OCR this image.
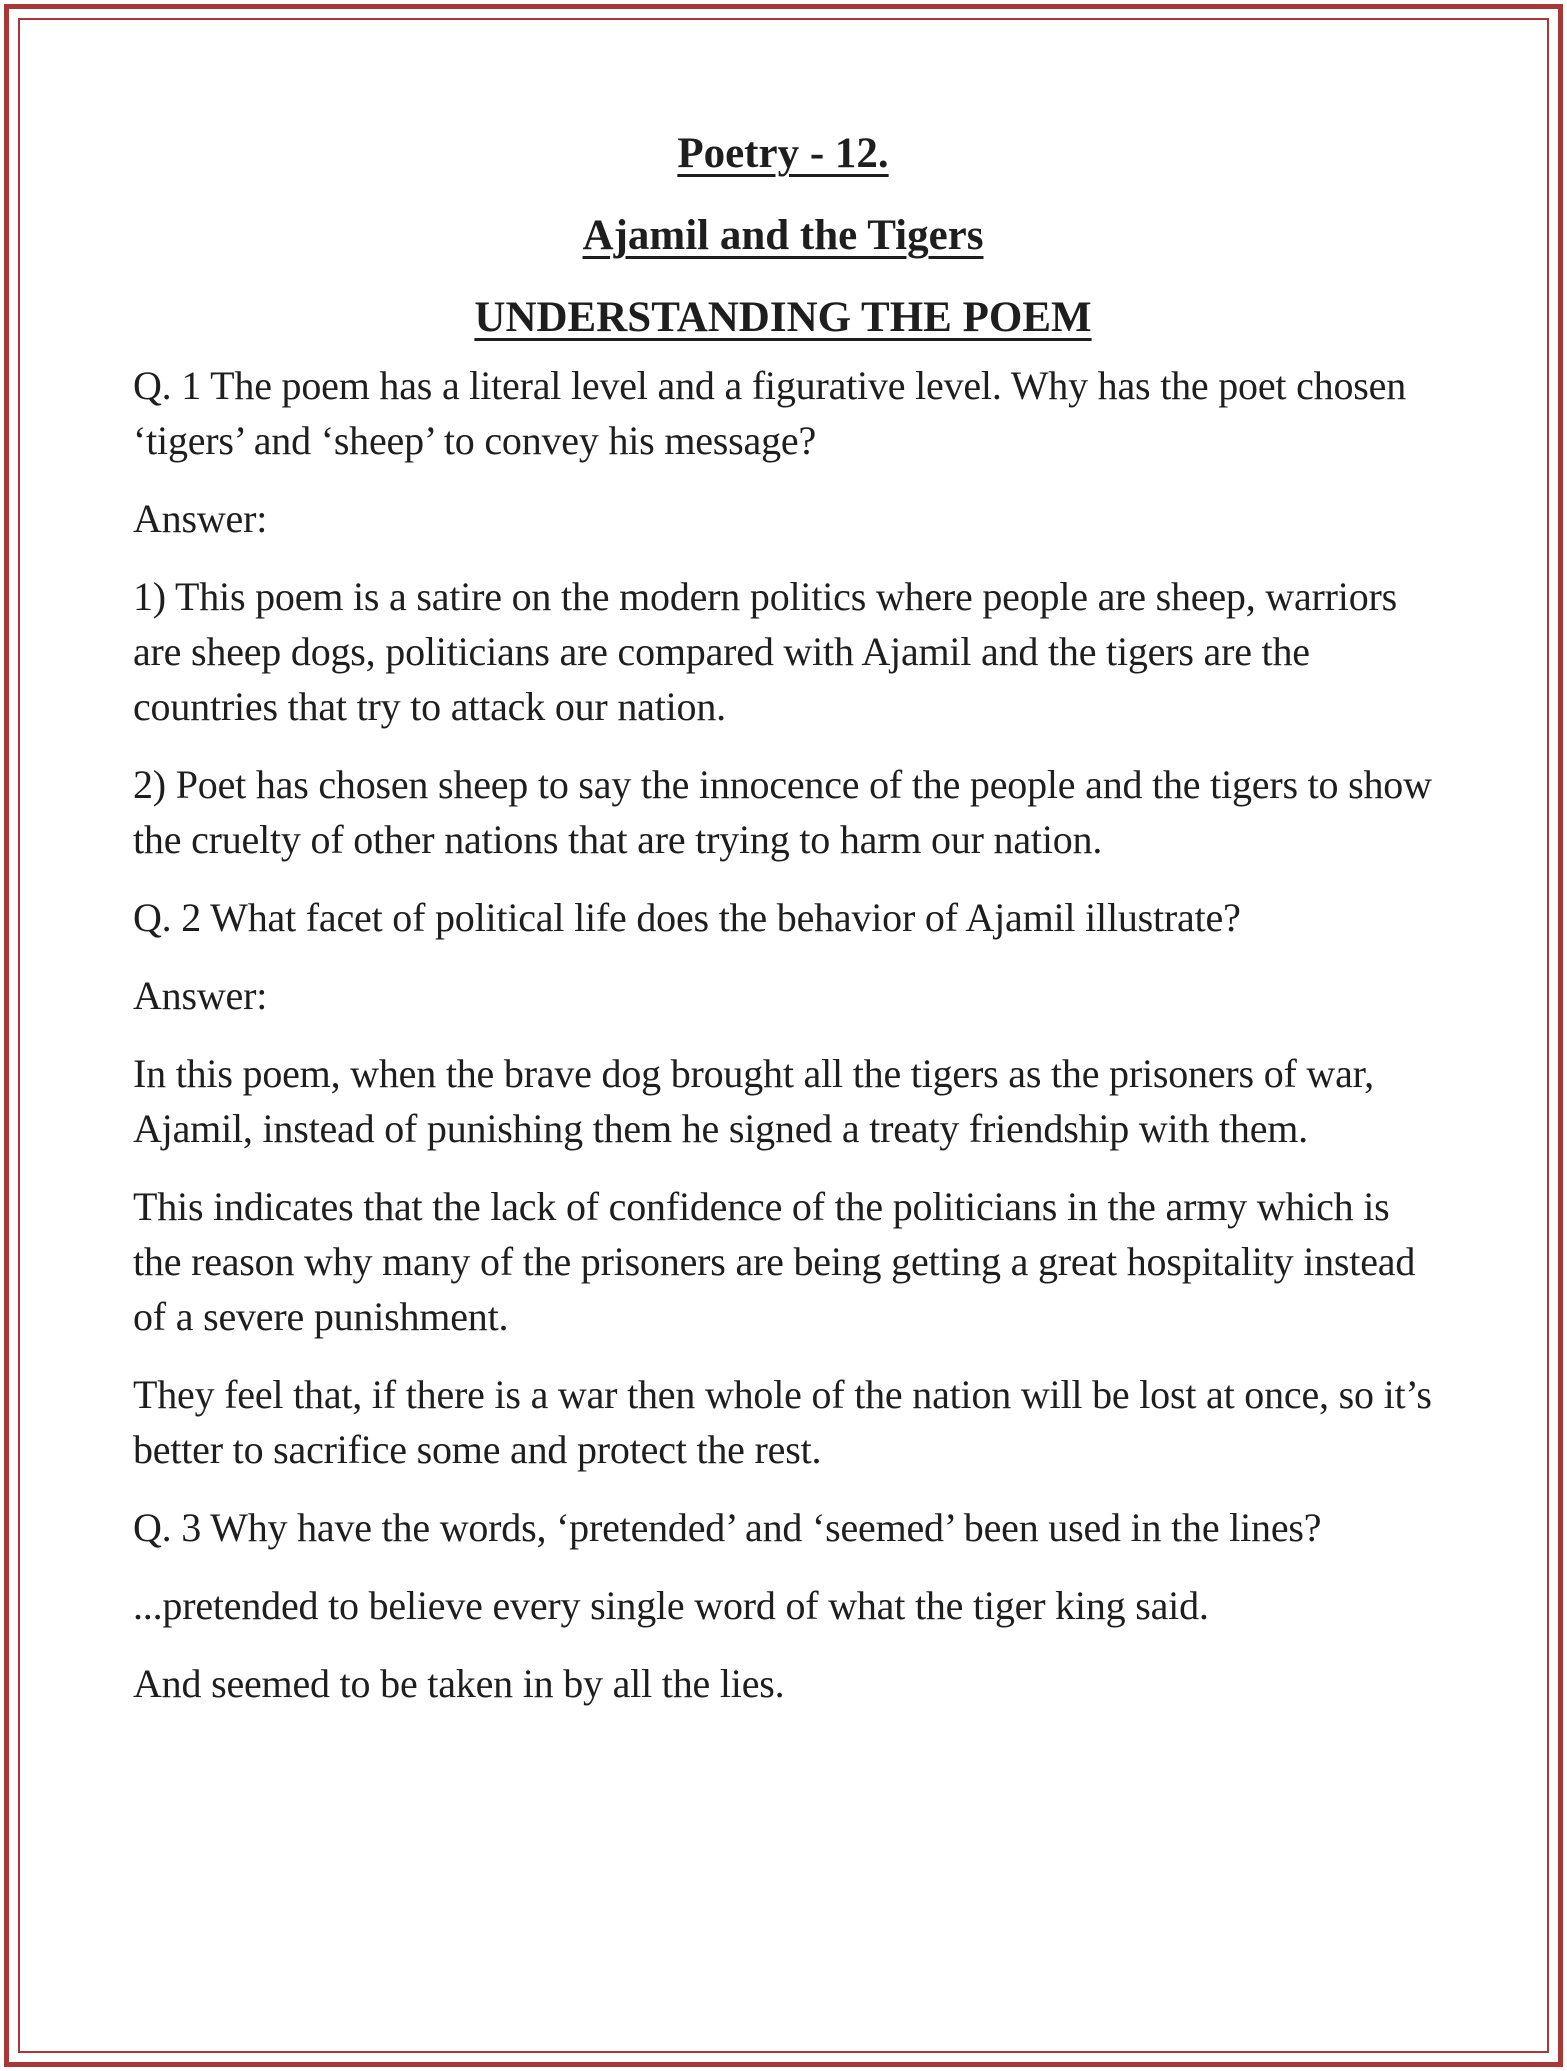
Poetry - 12.

Ajamil and the Tigers

UNDERSTANDING THE POEM

Q. 1 The poem has a literal level and a figurative level. Why has the poet chosen ‘tigers’ and ‘sheep’ to convey his message?

Answer:

1) This poem is a satire on the modern politics where people are sheep, warriors are sheep dogs, politicians are compared with Ajamil and the tigers are the countries that try to attack our nation.

2) Poet has chosen sheep to say the innocence of the people and the tigers to show the cruelty of other nations that are trying to harm our nation.

Q. 2 What facet of political life does the behavior of Ajamil illustrate?

Answer:

In this poem, when the brave dog brought all the tigers as the prisoners of war, Ajamil, instead of punishing them he signed a treaty friendship with them.

This indicates that the lack of confidence of the politicians in the army which is the reason why many of the prisoners are being getting a great hospitality instead of a severe punishment.

They feel that, if there is a war then whole of the nation will be lost at once, so it’s better to sacrifice some and protect the rest.

Q. 3 Why have the words, ‘pretended’ and ‘seemed’ been used in the lines?

...pretended to believe every single word of what the tiger king said.

And seemed to be taken in by all the lies.
